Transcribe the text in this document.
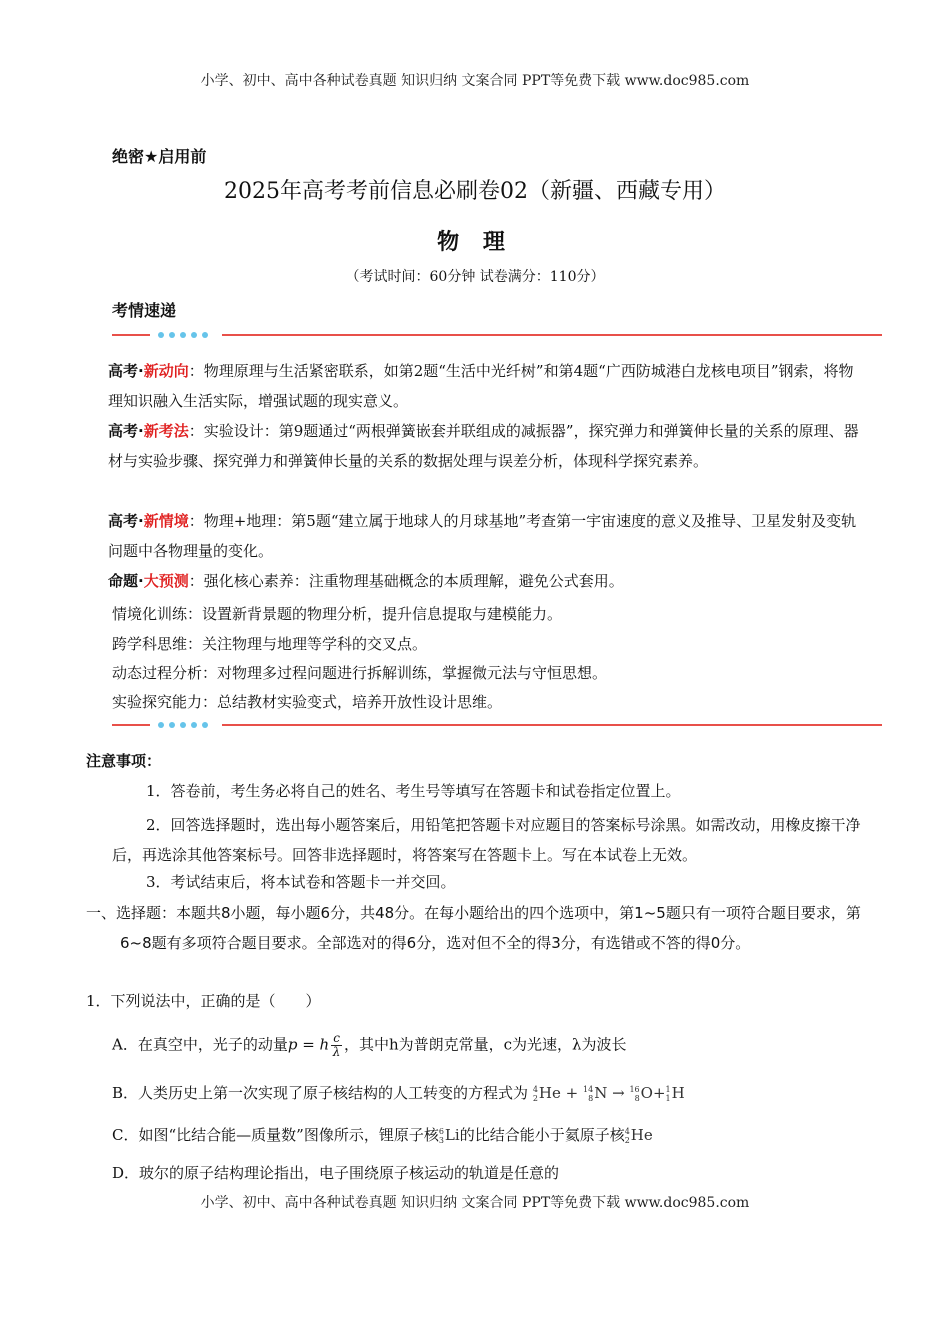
小学、初中、高中各种试卷真题 知识归纳 文案合同 PPT等免费下载 www.doc985.com
绝密★启用前
2025年高考考前信息必刷卷02（新疆、西藏专用）
物 理
（考试时间：60分钟 试卷满分：110分）
考情速递
高考·新动向：物理原理与生活紧密联系，如第2题“生活中光纤树”和第4题“广西防城港白龙核电项目”钢索，将物理知识融入生活实际，增强试题的现实意义。
高考·新考法：实验设计：第9题通过“两根弹簧嵌套并联组成的减振器”，探究弹力和弹簧伸长量的关系的原理、器材与实验步骤、探究弹力和弹簧伸长量的关系的数据处理与误差分析，体现科学探究素养。
高考·新情境：物理+地理：第5题“建立属于地球人的月球基地”考查第一宇宙速度的意义及推导、卫星发射及变轨问题中各物理量的变化。
命题·大预测：强化核心素养：注重物理基础概念的本质理解，避免公式套用。
情境化训练：设置新背景题的物理分析，提升信息提取与建模能力。
跨学科思维：关注物理与地理等学科的交叉点。
动态过程分析：对物理多过程问题进行拆解训练，掌握微元法与守恒思想。
实验探究能力：总结教材实验变式，培养开放性设计思维。
注意事项：
1．答卷前，考生务必将自己的姓名、考生号等填写在答题卡和试卷指定位置上。
2．回答选择题时，选出每小题答案后，用铅笔把答题卡对应题目的答案标号涂黑。如需改动，用橡皮擦干净后，再选涂其他答案标号。回答非选择题时，将答案写在答题卡上。写在本试卷上无效。
3．考试结束后，将本试卷和答题卡一并交回。
一、选择题：本题共8小题，每小题6分，共48分。在每小题给出的四个选项中，第1~5题只有一项符合题目要求，第6~8题有多项符合题目要求。全部选对的得6分，选对但不全的得3分，有选错或不答的得0分。
1．下列说法中，正确的是（　　）
A．在真空中，光子的动量p = h $\frac{c}{\lambda}$ ，其中h为普朗克常量，c为光速，λ为波长
B．人类历史上第一次实现了原子核结构的人工转变的方程式为 4
2 He + 14
8 N → 16
8 O+ 1
1 H
C．如图“比结合能—质量数”图像所示，锂原子核 6
3 Li的比结合能小于氦原子核 4
2 He
D．玻尔的原子结构理论指出，电子围绕原子核运动的轨道是任意的
小学、初中、高中各种试卷真题 知识归纳 文案合同 PPT等免费下载 www.doc985.com
